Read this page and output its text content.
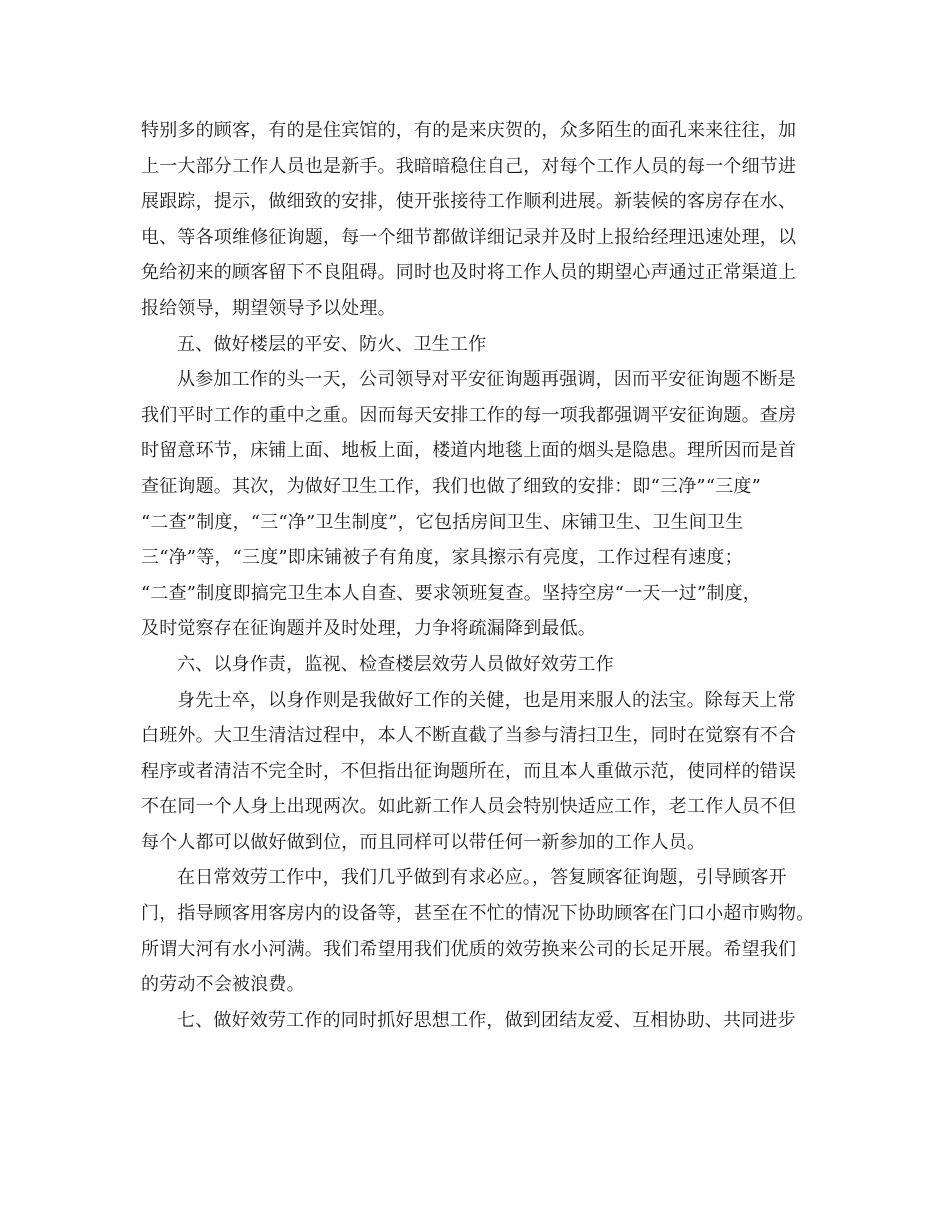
特别多的顾客，有的是住宾馆的，有的是来庆贺的，众多陌生的面孔来来往往，加
上一大部分工作人员也是新手。我暗暗稳住自己，对每个工作人员的每一个细节进
展跟踪，提示，做细致的安排，使开张接待工作顺利进展。新装候的客房存在水、
电、等各项维修征询题，每一个细节都做详细记录并及时上报给经理迅速处理，以
免给初来的顾客留下不良阻碍。同时也及时将工作人员的期望心声通过正常渠道上
报给领导，期望领导予以处理。
五、做好楼层的平安、防火、卫生工作
从参加工作的头一天，公司领导对平安征询题再强调，因而平安征询题不断是
我们平时工作的重中之重。因而每天安排工作的每一项我都强调平安征询题。查房
时留意环节，床铺上面、地板上面，楼道内地毯上面的烟头是隐患。理所因而是首
查征询题。其次，为做好卫生工作，我们也做了细致的安排：即“三净”“三度”
“二查”制度，“三“净”卫生制度”，它包括房间卫生、床铺卫生、卫生间卫生
三“净”等，“三度”即床铺被子有角度，家具擦示有亮度，工作过程有速度；
“二查”制度即搞完卫生本人自查、要求领班复查。坚持空房“一天一过”制度，
及时觉察存在征询题并及时处理，力争将疏漏降到最低。
六、以身作责，监视、检查楼层效劳人员做好效劳工作
身先士卒，以身作则是我做好工作的关健，也是用来服人的法宝。除每天上常
白班外。大卫生清洁过程中，本人不断直截了当参与清扫卫生，同时在觉察有不合
程序或者清洁不完全时，不但指出征询题所在，而且本人重做示范，使同样的错误
不在同一个人身上出现两次。如此新工作人员会特别快适应工作，老工作人员不但
每个人都可以做好做到位，而且同样可以带任何一新参加的工作人员。
在日常效劳工作中，我们几乎做到有求必应。，答复顾客征询题，引导顾客开
门，指导顾客用客房内的设备等，甚至在不忙的情况下协助顾客在门口小超市购物。
所谓大河有水小河满。我们希望用我们优质的效劳换来公司的长足开展。希望我们
的劳动不会被浪费。
七、做好效劳工作的同时抓好思想工作，做到团结友爱、互相协助、共同进步
